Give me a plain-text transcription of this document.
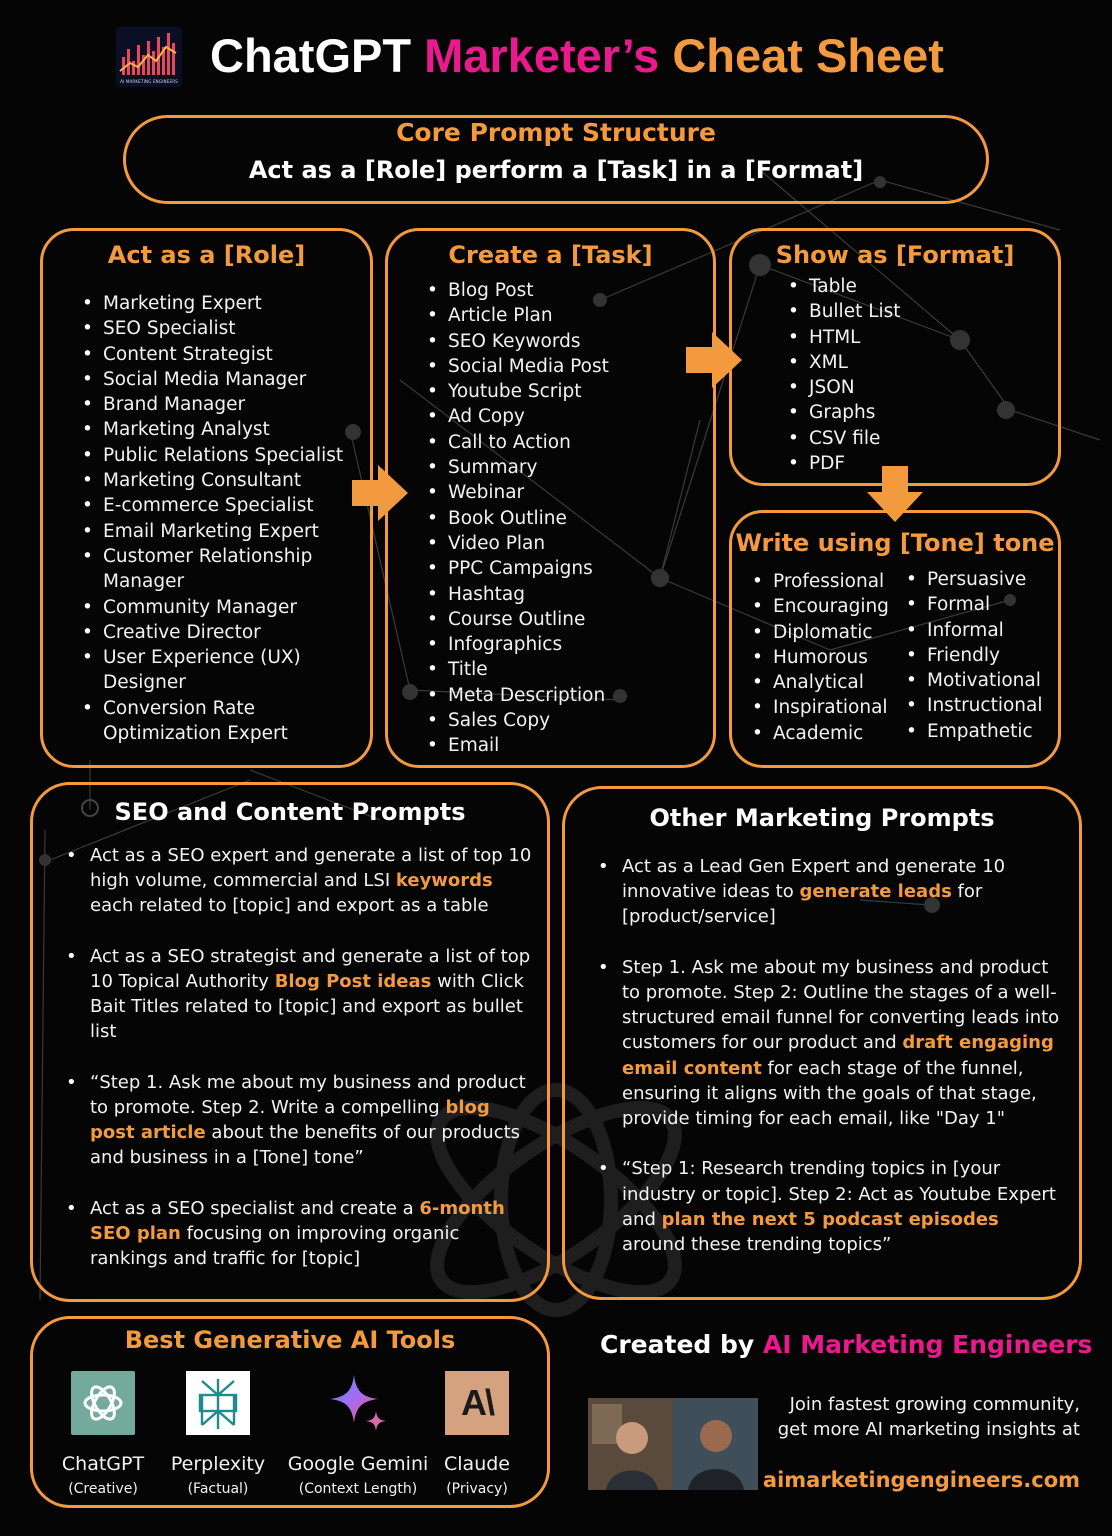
AI MARKETING ENGINEERS ChatGPT Marketer’s Cheat Sheet
Core Prompt Structure
Act as a [Role] perform a [Task] in a [Format]
Act as a [Role]
• Marketing Expert
• SEO Specialist
• Content Strategist
• Social Media Manager
• Brand Manager
• Marketing Analyst
• Public Relations Specialist
• Marketing Consultant
• E-commerce Specialist
• Email Marketing Expert
• Customer Relationship Manager
• Community Manager
• Creative Director
• User Experience (UX) Designer
• Conversion Rate Optimization Expert
Create a [Task]
• Blog Post
• Article Plan
• SEO Keywords
• Social Media Post
• Youtube Script
• Ad Copy
• Call to Action
• Summary
• Webinar
• Book Outline
• Video Plan
• PPC Campaigns
• Hashtag
• Course Outline
• Infographics
• Title
• Meta Description
• Sales Copy
• Email
Show as [Format]
• Table
• Bullet List
• HTML
• XML
• JSON
• Graphs
• CSV file
• PDF
Write using [Tone] tone
• Professional
• Encouraging
• Diplomatic
• Humorous
• Analytical
• Inspirational
• Academic
• Persuasive
• Formal
• Informal
• Friendly
• Motivational
• Instructional
• Empathetic
SEO and Content Prompts
• Act as a SEO expert and generate a list of top 10 high volume, commercial and LSI keywords each related to [topic] and export as a table
• Act as a SEO strategist and generate a list of top 10 Topical Authority Blog Post ideas with Click Bait Titles related to [topic] and export as bullet list
• “Step 1. Ask me about my business and product to promote. Step 2. Write a compelling blog post article about the benefits of our products and business in a [Tone] tone”
• Act as a SEO specialist and create a 6-month SEO plan focusing on improving organic rankings and traffic for [topic]
Other Marketing Prompts
• Act as a Lead Gen Expert and generate 10 innovative ideas to generate leads for [product/service]
• Step 1. Ask me about my business and product to promote. Step 2: Outline the stages of a well-structured email funnel for converting leads into customers for our product and draft engaging email content for each stage of the funnel, ensuring it aligns with the goals of that stage, provide timing for each email, like "Day 1"
• “Step 1: Research trending topics in [your industry or topic]. Step 2: Act as Youtube Expert and plan the next 5 podcast episodes around these trending topics”
Best Generative AI Tools
ChatGPT
(Creative)
Perplexity
(Factual)
Google Gemini
(Context Length)
A\
Claude
(Privacy)
Created by AI Marketing Engineers
Join fastest growing community,
get more AI marketing insights at
aimarketingengineers.com
